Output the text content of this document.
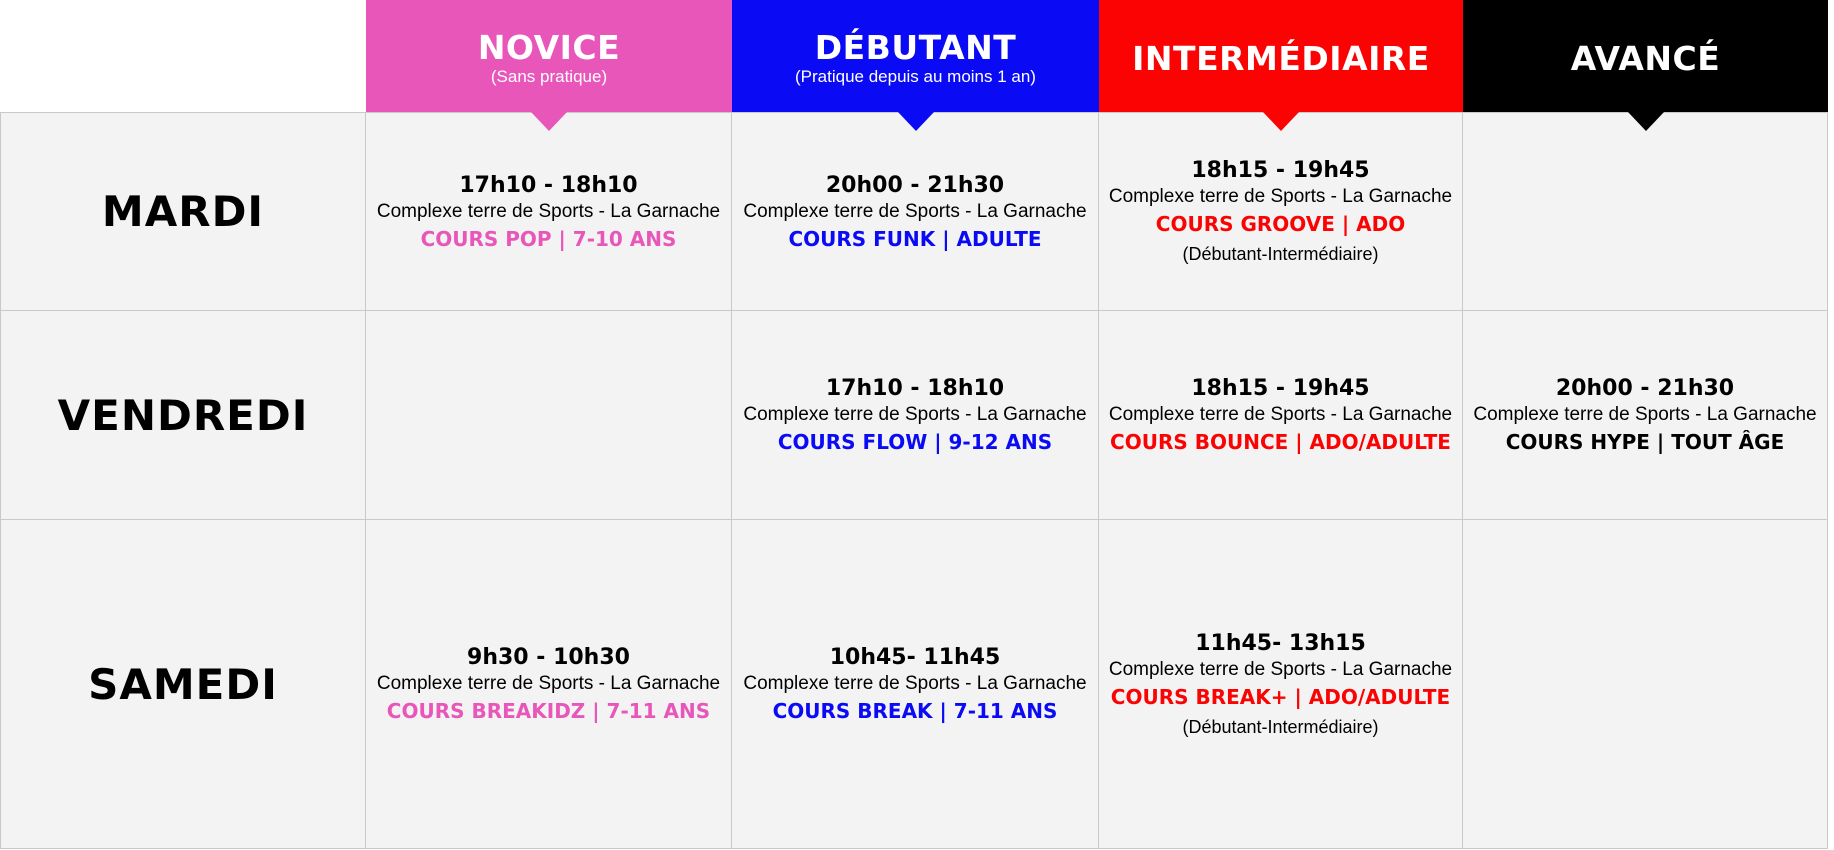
NOVICE
(Sans pratique)
DÉBUTANT
(Pratique depuis au moins 1 an)	INTERMÉDIAIRE	AVANCÉ
MARDI
17h10 - 18h10
Complexe terre de Sports - La Garnache
COURS POP | 7-10 ANS
20h00 - 21h30
Complexe terre de Sports - La Garnache
COURS FUNK | ADULTE
18h15 - 19h45
Complexe terre de Sports - La Garnache
COURS GROOVE | ADO
(Débutant-Intermédiaire)
VENDREDI
17h10 - 18h10
Complexe terre de Sports - La Garnache
COURS FLOW | 9-12 ANS
18h15 - 19h45
Complexe terre de Sports - La Garnache
COURS BOUNCE | ADO/ADULTE
20h00 - 21h30
Complexe terre de Sports - La Garnache
COURS HYPE | TOUT ÂGE
SAMEDI
9h30 - 10h30
Complexe terre de Sports - La Garnache
COURS BREAKIDZ | 7-11 ANS
10h45- 11h45
Complexe terre de Sports - La Garnache
COURS BREAK | 7-11 ANS
11h45- 13h15
Complexe terre de Sports - La Garnache
COURS BREAK+ | ADO/ADULTE
(Débutant-Intermédiaire)
